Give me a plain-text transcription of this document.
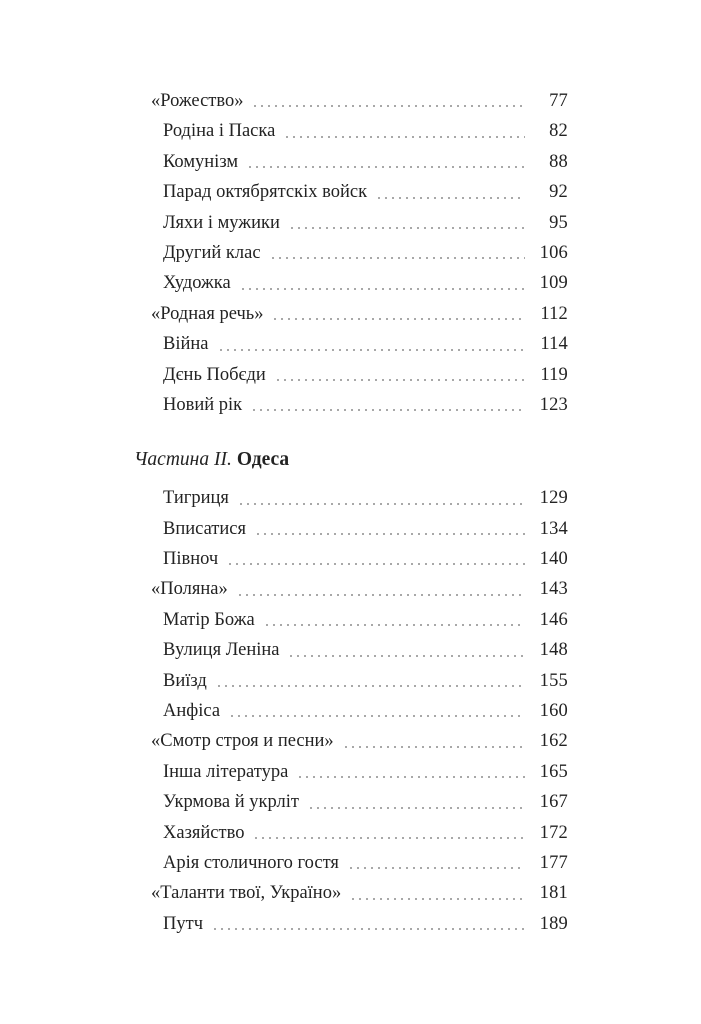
«Рожество»	77
Родіна і Паска	82
Комунізм	88
Парад октябрятскіх войск	92
Ляхи і мужики	95
Другий клас	106
Художка	109
«Родная речь»	112
Війна	114
Дєнь Побєди	119
Новий рік	123
Частина II. Одеса
Тигриця	129
Вписатися	134
Півноч	140
«Поляна»	143
Матір Божа	146
Вулиця Леніна	148
Виїзд	155
Анфіса	160
«Смотр строя и песни»	162
Інша література	165
Укрмова й укрліт	167
Хазяйство	172
Арія столичного гостя	177
«Таланти твої, Україно»	181
Путч	189
